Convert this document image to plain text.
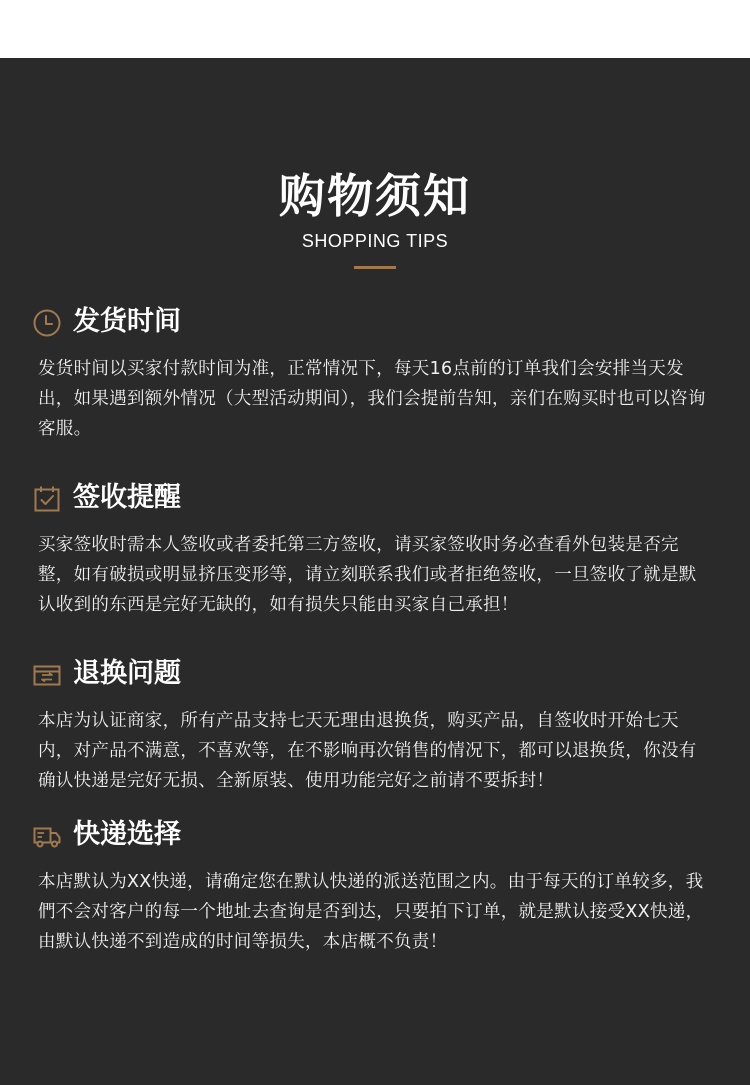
购物须知
SHOPPING TIPS
发货时间
发货时间以买家付款时间为准，正常情况下，每天16点前的订单我们会安排当天发出，如果遇到额外情况（大型活动期间），我们会提前告知，亲们在购买时也可以咨询客服。
签收提醒
买家签收时需本人签收或者委托第三方签收，请买家签收时务必查看外包装是否完整，如有破损或明显挤压变形等，请立刻联系我们或者拒绝签收，一旦签收了就是默认收到的东西是完好无缺的，如有损失只能由买家自己承担！
退换问题
本店为认证商家，所有产品支持七天无理由退换货，购买产品，自签收时开始七天内，对产品不满意，不喜欢等，在不影响再次销售的情况下，都可以退换货，你没有确认快递是完好无损、全新原装、使用功能完好之前请不要拆封！
快递选择
本店默认为XX快递，请确定您在默认快递的派送范围之内。由于每天的订单较多，我們不会对客户的每一个地址去查询是否到达，只要拍下订单，就是默认接受XX快递，由默认快递不到造成的时间等损失，本店概不负责！
